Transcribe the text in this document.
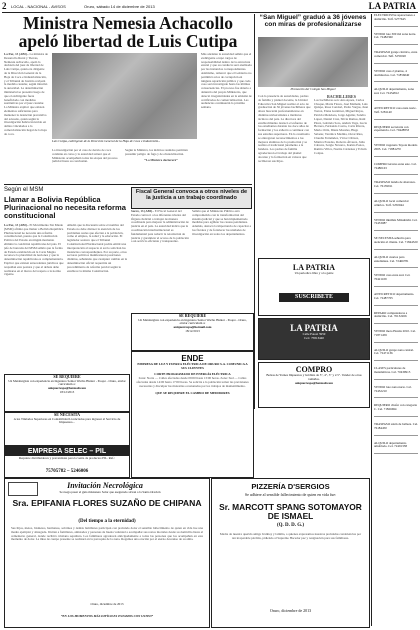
2 LOCAL - NACIONAL - AVISOS	Oruro, sábado 14 de diciembre de 2013	LA PATRIA
Ministra Nemesia Achacollo apeló libertad de Luis Cutipa
La Paz, 13 (ABI).- La ministra de Desarrollo Rural y Tierras, Nemesia Achacollo, apeló la decisión del juez de libertad de Luis Cutipa, quien era dirigente de la Dirección General de la Hoja de Coca e Industrialización, y el Tribunal de Justicia revisará la medida cautelar, según informó la autoridad. La determinación ministerial se presentó luego de que el exdirigente fuera beneficiado con medidas sustitutivas por el juez cautelar. La Ministra explicó que existen elementos suficientes para mantener la detención preventiva del acusado, quien según la investigación habría incurrido en delitos vinculados a la comercialización ilegal de la hoja de coca.
Luis Cutipa, exdirigente de la Dirección General de la Hoja de Coca e Industrializ...
La investigación por el caso de desvío de coca continúa en curso y la autoridad reiteró que el Ministerio acompañará todas las etapas del proceso judicial hasta su conclusión.
Según la Ministra, los indicios reunidos permiten presumir peligro de fuga y de obstaculización.
“La Ministra declarará”
Más adelante la autoridad señaló que el exdirigente ocupó cargos de responsabilidad dentro de la estructura estatal y que su conducta será analizada por las instancias correspondientes. Asimismo, remarcó que el Gobierno no permitirá actos de corrupción en ninguna repartición pública y que cada caso será investigado hasta las últimas consecuencias. El proceso fue abierto a denuncia del propio Ministerio, que detectó irregularidades en la emisión de certificados de comercialización. Las audiencias continuarán la próxima semana.
“San Miguel” graduó a 36 jóvenes con miras de profesionalizarse
Promoción del Colegio San Miguel
Con la presencia de autoridades, padres de familia y plantel docente, la Unidad Educativa San Miguel realizó el acto de graduación de 36 jóvenes bachilleres que ahora buscarán profesionalizarse en distintas universidades e institutos técnicos del país. La directora del establecimiento destacó el esfuerzo de los estudiantes durante los doce años de formación y los exhortó a continuar con sus estudios superiores. En la ceremonia se entregaron reconocimientos a los mejores alumnos de la promoción y se realizó el tradicional juramento a la bandera. Los padres de familia agradecieron el trabajo del plantel docente y la formación en valores que recibieron sus hijos.
BACHILLERES
Los bachilleres son: Ana Apaza, Carlos Choque, María Flores, José Mamani, Luis Quispe, Rosa Condori, Pedro Vargas, Juan Torrez, Elena Gutiérrez, Miguel Rojas, Patricia Mendoza, Jorge Aguilar, Sandra López, Daniel Cruz, Silvia Ramos, Raúl Pérez, Gabriela Soto, Andrés Vega, Lucía Herrera, Fernando Castro, Carla Rivera, Mario Ortiz, Diana Morales, Hugo Salazar, Verónica Medina, Oscar Ríos, Claudia Fernández, Víctor Chávez, Mónica Paredes, Roberto Álvarez, Julia Cabrera, Sergio Navarro, Karina Ponce, Ramiro Villca, Norma Cárdenas y Edwin Colque.
Según el MSM
Llamar a Bolivia República Plurinacional no necesita reforma constitucional
La Paz, 13 (ABI).- El Movimiento Sin Miedo (MSM) afirmó que llamar a Bolivia República Plurinacional no necesita una reforma constitucional, puesto que la Constitución Política del Estado en ningún momento eliminó la condición republicana del país. El jefe de bancada del MSM señaló que la forma de Estado establecida en la Carta Magna reconoce la pluralidad de naciones y que la denominación republicana es complementaria. Explicó que existen antecedentes jurídicos que respaldan esta postura y que el debate debe realizarse en el marco del respeto a la norma vigente.
Añadió que la discusión sobre el nombre del Estado no debe distraer la atención de los problemas reales que afectan a la población, como el empleo, la salud y la educación. El legislador sostuvo que el Tribunal Constitucional Plurinacional podría emitir una interpretación al respecto si así lo solicitan las instancias correspondientes. Por su parte, otros sectores políticos manifestaron posiciones distintas, señalando que cualquier cambio en la denominación oficial requeriría un procedimiento de reforma parcial según lo establece la misma Constitución.
Fiscal General convoca a otros niveles de la justicia a un trabajo coordinado
Sucre, 13 (ABI).- El Fiscal General del Estado convocó a los diferentes niveles del Órgano Judicial a trabajar de manera coordinada para mejorar la administración de justicia en el país. La autoridad indicó que la coordinación interinstitucional es fundamental para reducir la retardación de justicia y garantizar el acceso de la población a un servicio eficiente y transparente.
Señaló que el Ministerio Público está comprometido con la transformación del sistema judicial y que se han implementado medidas para agilizar las causas pendientes. Además, destacó la importancia de capacitar a los fiscales y de fortalecer las unidades de investigación en todos los departamentos.
SE REQUIERE
Un Metalurgista con experiencia en Ingeniero Senior Wacho Hunter - Poopó - Oruro, enviar curriculum a:
aniquecrespo@hotmail.com
18/12/2013
SE NECESITA
A los Titulados Superiores en Contabilidad Licenciados para ingresar al Servicio de Impuestos...
EMPRESA SELEC – PIL
Requiere distribuidores y preventistas para la venta de productos PIL. Ref.:
75705782 – 5246006
SE REQUIERE
Un Metalurgista con experiencia en Ingeniero Senior Wacho Hunter - Poopó - Oruro, enviar curriculum a:
aniquecrespo@hotmail.com
18/12/2013
ENDE
EMPRESA DE LUZ Y FUERZA ELÉCTRICA DE ORURO S.A. COMUNICA A SUS CLIENTES
CORTE PROGRAMADO DE ENERGÍA ELÉCTRICA
Zona: Norte — Calles afectadas desde 09:00 hasta 13:00 horas. Zona: Sud — Calles afectadas desde 14:00 hasta 17:00 horas. Se solicita a la población tomar las previsiones necesarias y disculpar las molestias ocasionadas por los trabajos de mantenimiento.
QUE SE REQUIERE EL CAMBIO DE MEDIDORES
LA PATRIA
Un periodico libre y a la gente
SUSCRIBETE
LA PATRIA
Calle Potosí 5959
Cel.: 75813440
COMPRO
Bolsas de Yarnes Impuestos y bobbins de 5", 4", 3" y 2.5". Vender de otros tamaños.
aniquecrespo@hotmail.com
Invitación Necrológica
Se ruega pasar el guía misionero Solar que asegurado sirvan a la Santa Oración
Sra. EPIFANIA FLORES SUZAÑO DE CHIPANA
(Del tiempo a la eternidad)
Sus hijos, nietos, bisnietos, hermanos, sobrinos y demás familiares participan con profundo dolor el sensible fallecimiento de quien en vida fue una madre ejemplar y abnegada. Invitan a familiares, amistades y personas de buena voluntad a acompañar sus restos mortales desde su domicilio hasta el cementerio general, donde recibirá cristiana sepultura. Los familiares agradecen anticipadamente a todas las personas que los acompañen en este momento de dolor. La misa de cuerpo presente se realizará en la parroquia de la zona. Rogamos una oración por el eterno descanso de su alma.
Oruro, diciembre de 2013
“EN LOS MOMENTOS MÁS DIFÍCILES ESTAMOS CON USTED”
PIZZERÍA D'SERGIOS
Se adhiere al sensible fallecimiento de quien en vida fue:
Sr. MARCOTT SPANG SOTOMAYOR DE ISMAEL
(Q. D. D. G.)
Madre de nuestra querida amiga Ivanhoy y familia, a quienes expresamos nuestras profundas condolencias por tan irreparable pérdida, pidiendo al Supremo Hacedor paz y resignación para sus familiares.
Oruro, diciembre de 2013
ELECTRICISTA reparaciones a domicilio. Telf. 5277645
VENDO lote 300 m2 zona norte. Cel. 72482360
TRASPASO garaje céntrico, zona comercial. Telf. 5255020
VENDO casa 2 plantas, 4 dormitorios. Cel. 71856040
ALQUILO departamento, zona sud. Cel. 72454812
ANTICRETICO casa zona norte. Telf. 5281140
REQUIERO secretaria con experiencia. Cel. 70428833
VENDO vagoneta Toyota modelo 2005. Cel. 71881270
COMPRO terreno zona este. Cel. 72480163
TRASPASO tienda de abarrotes. Cel. 76139911
ALQUILO local comercial céntrico. Telf. 5250044
VENDO minibús Mitsubishi. Cel. 72453087
SE NECESITA señorita para atención al cliente. Cel. 71844320
ALQUILO cuartos para estudiantes. Cel. 72466781
VENDO casa zona sud. Cel. 70421109
ANTICRETICO departamento. Cel. 72487705
REPARO computadoras a domicilio. Cel. 76132266
VENDO moto Honda 2010. Cel. 71871459
ALQUILO garaje zona central. Cel. 72471136
CLASES particulares de matemáticas. Cel. 70439915
VENDO lote zona norte. Cel. 72452210
REQUIERO chofer con categoría C. Cel. 71826694
TRASPASO salón de belleza. Cel. 76184450
ALQUILO departamento amoblado. Cel. 72491338
